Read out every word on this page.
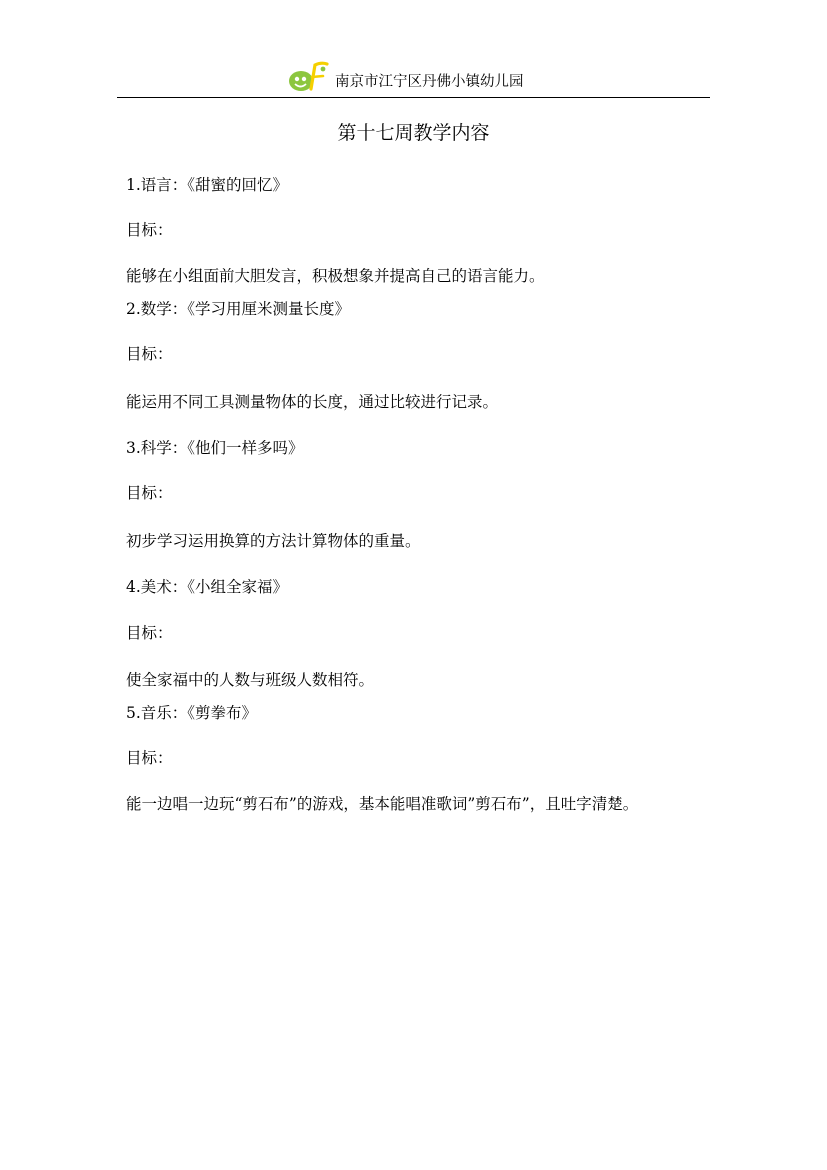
南京市江宁区丹佛小镇幼儿园
第十七周教学内容
1.语言：《甜蜜的回忆》
目标：
能够在小组面前大胆发言，积极想象并提高自己的语言能力。
2.数学：《学习用厘米测量长度》
目标：
能运用不同工具测量物体的长度，通过比较进行记录。
3.科学：《他们一样多吗》
目标：
初步学习运用换算的方法计算物体的重量。
4.美术：《小组全家福》
目标：
使全家福中的人数与班级人数相符。
5.音乐：《剪拳布》
目标：
能一边唱一边玩“剪石布”的游戏，基本能唱准歌词”剪石布”，且吐字清楚。
